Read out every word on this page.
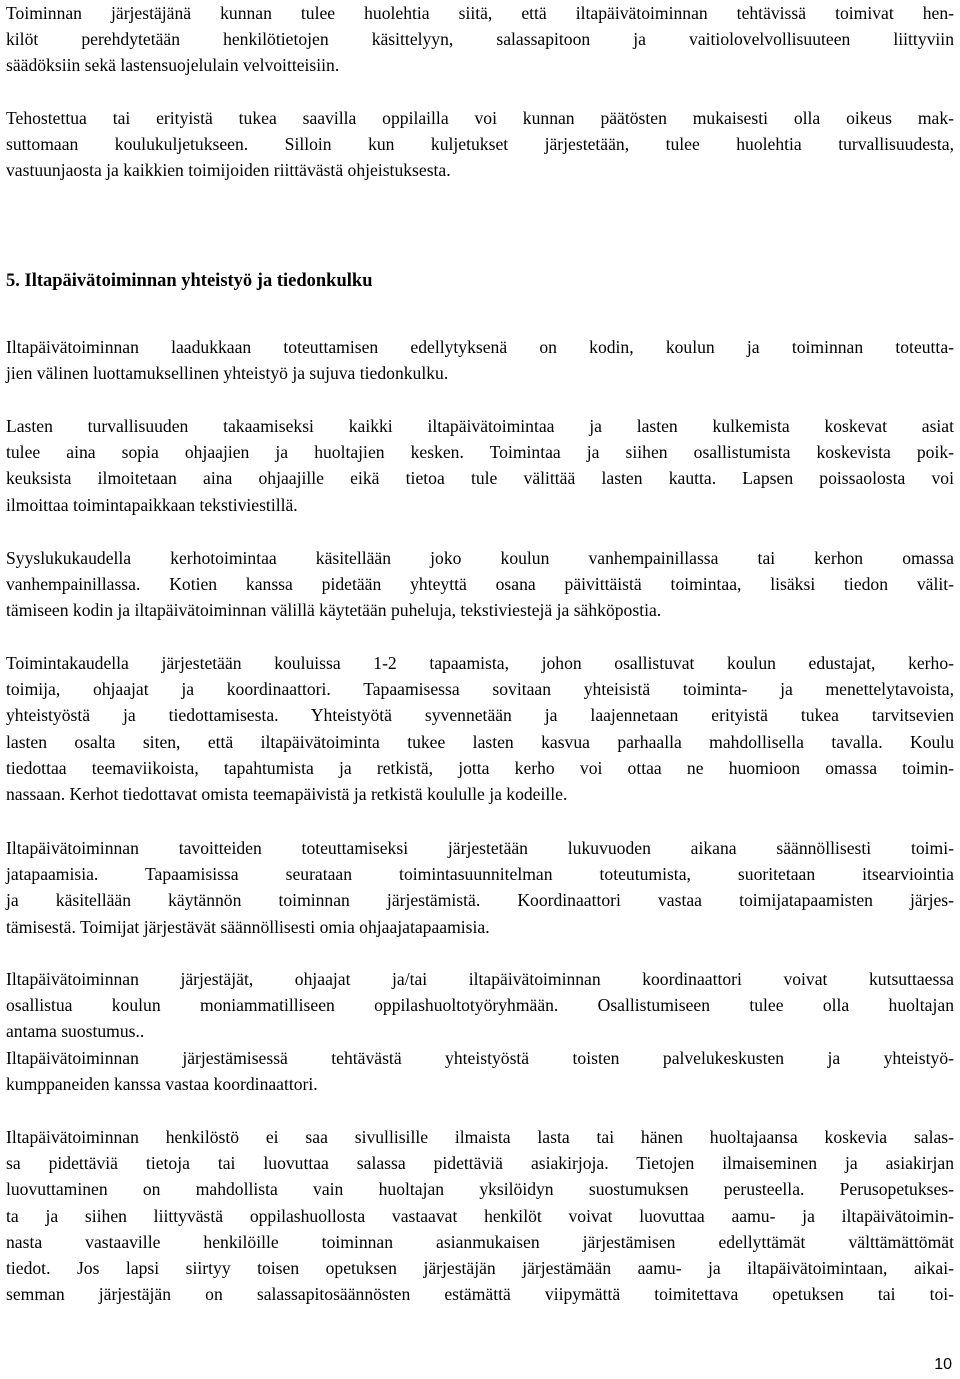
Toiminnan järjestäjänä kunnan tulee huolehtia siitä, että iltapäivätoiminnan tehtävissä toimivat hen-
kilöt perehdytetään henkilötietojen käsittelyyn, salassapitoon ja vaitiolovelvollisuuteen liittyviin
säädöksiin sekä lastensuojelulain velvoitteisiin.
Tehostettua tai erityistä tukea saavilla oppilailla voi kunnan päätösten mukaisesti olla oikeus mak-
suttomaan koulukuljetukseen. Silloin kun kuljetukset järjestetään, tulee huolehtia turvallisuudesta,
vastuunjaosta ja kaikkien toimijoiden riittävästä ohjeistuksesta.
5. Iltapäivätoiminnan yhteistyö ja tiedonkulku
Iltapäivätoiminnan laadukkaan toteuttamisen edellytyksenä on kodin, koulun ja toiminnan toteutta-
jien välinen luottamuksellinen yhteistyö ja sujuva tiedonkulku.
Lasten turvallisuuden takaamiseksi kaikki iltapäivätoimintaa ja lasten kulkemista koskevat asiat
tulee aina sopia ohjaajien ja huoltajien kesken. Toimintaa ja siihen osallistumista koskevista poik-
keuksista ilmoitetaan aina ohjaajille eikä tietoa tule välittää lasten kautta. Lapsen poissaolosta voi
ilmoittaa toimintapaikkaan tekstiviestillä.
Syyslukukaudella kerhotoimintaa käsitellään joko koulun vanhempainillassa tai kerhon omassa
vanhempainillassa. Kotien kanssa pidetään yhteyttä osana päivittäistä toimintaa, lisäksi tiedon välit-
tämiseen kodin ja iltapäivätoiminnan välillä käytetään puheluja, tekstiviestejä ja sähköpostia.
Toimintakaudella järjestetään kouluissa 1-2 tapaamista, johon osallistuvat koulun edustajat, kerho-
toimija, ohjaajat ja koordinaattori. Tapaamisessa sovitaan yhteisistä toiminta- ja menettelytavoista,
yhteistyöstä ja tiedottamisesta. Yhteistyötä syvennetään ja laajennetaan erityistä tukea tarvitsevien
lasten osalta siten, että iltapäivätoiminta tukee lasten kasvua parhaalla mahdollisella tavalla. Koulu
tiedottaa teemaviikoista, tapahtumista ja retkistä, jotta kerho voi ottaa ne huomioon omassa toimin-
nassaan. Kerhot tiedottavat omista teemapäivistä ja retkistä koululle ja kodeille.
Iltapäivätoiminnan tavoitteiden toteuttamiseksi järjestetään lukuvuoden aikana säännöllisesti toimi-
jatapaamisia. Tapaamisissa seurataan toimintasuunnitelman toteutumista, suoritetaan itsearviointia
ja käsitellään käytännön toiminnan järjestämistä. Koordinaattori vastaa toimijatapaamisten järjes-
tämisestä. Toimijat järjestävät säännöllisesti omia ohjaajatapaamisia.
Iltapäivätoiminnan järjestäjät, ohjaajat ja/tai iltapäivätoiminnan koordinaattori voivat kutsuttaessa
osallistua koulun moniammatilliseen oppilashuoltotyöryhmään. Osallistumiseen tulee olla huoltajan
antama suostumus..
Iltapäivätoiminnan järjestämisessä tehtävästä yhteistyöstä toisten palvelukeskusten ja yhteistyö-
kumppaneiden kanssa vastaa koordinaattori.
Iltapäivätoiminnan henkilöstö ei saa sivullisille ilmaista lasta tai hänen huoltajaansa koskevia salas-
sa pidettäviä tietoja tai luovuttaa salassa pidettäviä asiakirjoja. Tietojen ilmaiseminen ja asiakirjan
luovuttaminen on mahdollista vain huoltajan yksilöidyn suostumuksen perusteella. Perusopetukses-
ta ja siihen liittyvästä oppilashuollosta vastaavat henkilöt voivat luovuttaa aamu- ja iltapäivätoimin-
nasta vastaaville henkilöille toiminnan asianmukaisen järjestämisen edellyttämät välttämättömät
tiedot. Jos lapsi siirtyy toisen opetuksen järjestäjän järjestämään aamu- ja iltapäivätoimintaan, aikai-
semman järjestäjän on salassapitosäännösten estämättä viipymättä toimitettava opetuksen tai toi-
10
